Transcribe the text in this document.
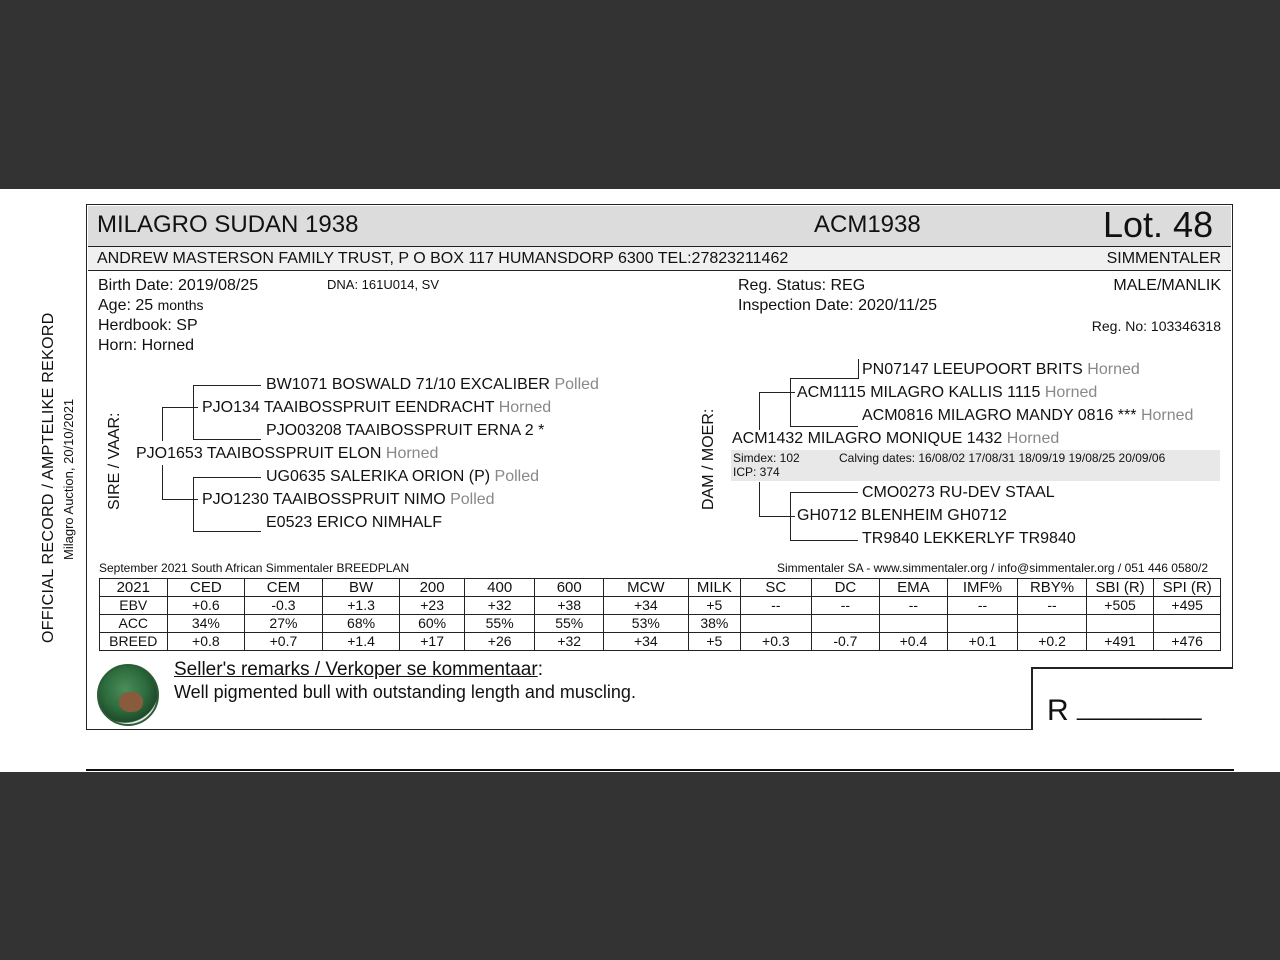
OFFICIAL RECORD / AMPTELIKE REKORD Milagro Auction, 20/10/2021
MILAGRO SUDAN 1938	ACM1938	Lot. 48
ANDREW MASTERSON FAMILY TRUST, P O BOX 117 HUMANSDORP 6300 TEL:27823211462	SIMMENTALER
Birth Date: 2019/08/25	DNA: 161U014, SV
Age: 25 months
Herdbook: SP
Horn: Horned
Reg. Status: REG
Inspection Date: 2020/11/25
MALE/MANLIK
Reg. No: 103346318
SIRE / VAAR:
BW1071 BOSWALD 71/10 EXCALIBER Polled
PJO134 TAAIBOSSPRUIT EENDRACHT Horned
PJO03208 TAAIBOSSPRUIT ERNA 2 *
PJO1653 TAAIBOSSPRUIT ELON Horned
UG0635 SALERIKA ORION (P) Polled
PJO1230 TAAIBOSSPRUIT NIMO Polled
E0523 ERICO NIMHALF
DAM / MOER:
PN07147 LEEUPOORT BRITS Horned
ACM1115 MILAGRO KALLIS 1115 Horned
ACM0816 MILAGRO MANDY 0816 *** Horned
ACM1432 MILAGRO MONIQUE 1432 Horned
Simdex: 102	Calving dates: 16/08/02 17/08/31 18/09/19 19/08/25 20/09/06
ICP: 374
CMO0273 RU-DEV STAAL
GH0712 BLENHEIM GH0712
TR9840 LEKKERLYF TR9840
September 2021 South African Simmentaler BREEDPLAN	Simmentaler SA - www.simmentaler.org / info@simmentaler.org / 051 446 0580/2
2021	CED	CEM	BW	200	400	600	MCW	MILK	SC	DC	EMA	IMF%	RBY%	SBI (R)	SPI (R)
EBV	+0.6	-0.3	+1.3	+23	+32	+38	+34	+5	--	--	--	--	--	+505	+495
ACC	34%	27%	68%	60%	55%	55%	53%	38%							
BREED	+0.8	+0.7	+1.4	+17	+26	+32	+34	+5	+0.3	-0.7	+0.4	+0.1	+0.2	+491	+476
Seller's remarks / Verkoper se kommentaar:
Well pigmented bull with outstanding length and muscling.
R __________
